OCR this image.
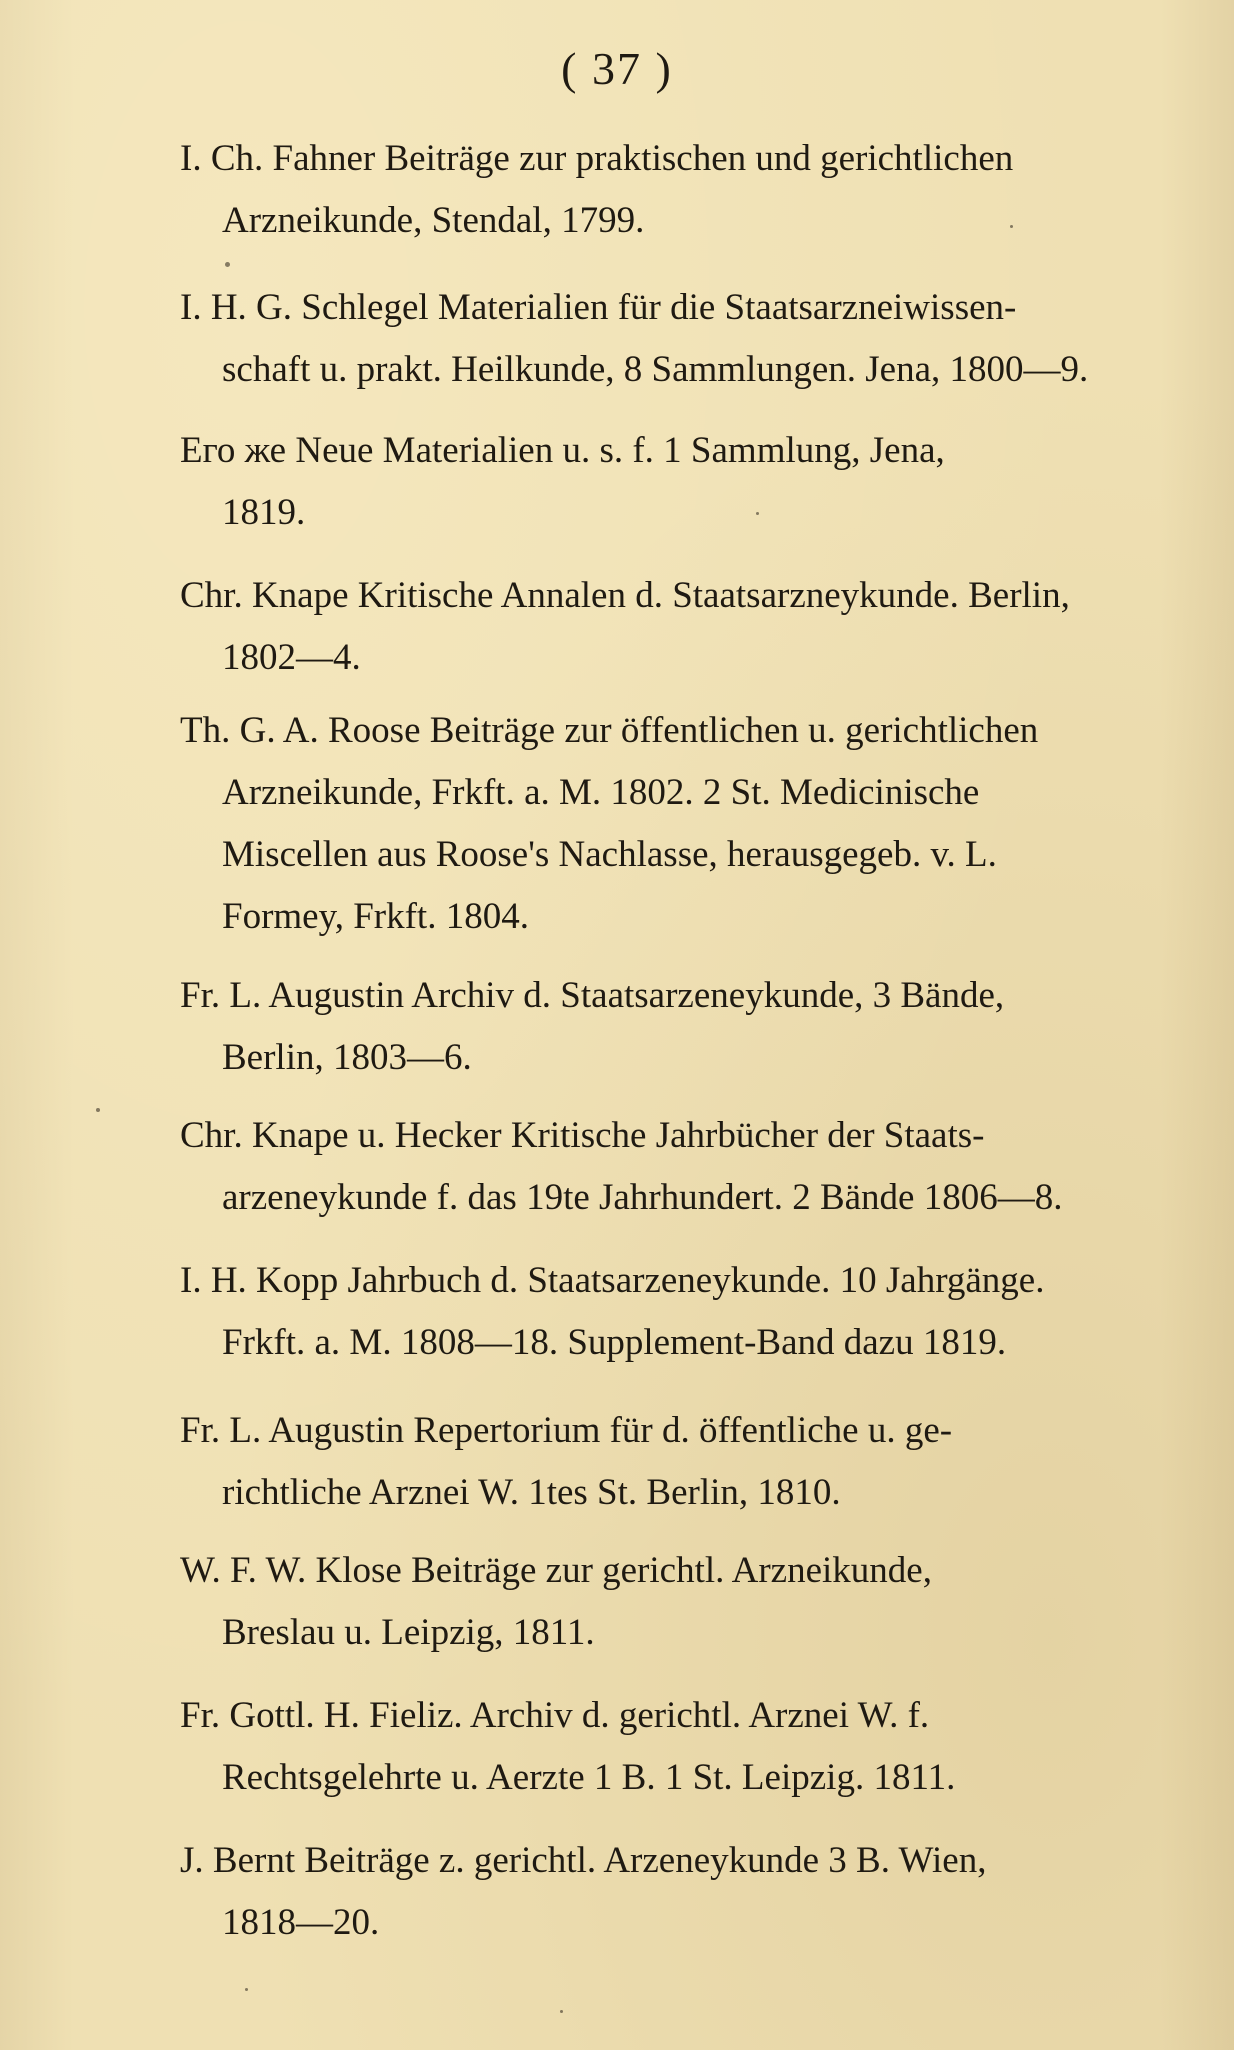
( 37 )
I. Ch. Fahner Beiträge zur praktischen und gerichtlichen
Arzneikunde, Stendal, 1799.
I. H. G. Schlegel Materialien für die Staatsarzneiwissen-
schaft u. prakt. Heilkunde, 8 Sammlungen. Jena, 1800—9.
Его же Neue Materialien u. s. f. 1 Sammlung, Jena,
1819.
Chr. Knape Kritische Annalen d. Staatsarzneykunde. Berlin,
1802—4.
Th. G. A. Roose Beiträge zur öffentlichen u. gerichtlichen
Arzneikunde, Frkft. a. M. 1802. 2 St. Medicinische
Miscellen aus Roose's Nachlasse, herausgegeb. v. L.
Formey, Frkft. 1804.
Fr. L. Augustin Archiv d. Staatsarzeneykunde, 3 Bände,
Berlin, 1803—6.
Chr. Knape u. Hecker Kritische Jahrbücher der Staats-
arzeneykunde f. das 19te Jahrhundert. 2 Bände 1806—8.
I. H. Kopp Jahrbuch d. Staatsarzeneykunde. 10 Jahrgänge.
Frkft. a. M. 1808—18. Supplement-Band dazu 1819.
Fr. L. Augustin Repertorium für d. öffentliche u. ge-
richtliche Arznei W. 1tes St. Berlin, 1810.
W. F. W. Klose Beiträge zur gerichtl. Arzneikunde,
Breslau u. Leipzig, 1811.
Fr. Gottl. H. Fieliz. Archiv d. gerichtl. Arznei W. f.
Rechtsgelehrte u. Aerzte 1 B. 1 St. Leipzig. 1811.
J. Bernt Beiträge z. gerichtl. Arzeneykunde 3 B. Wien,
1818—20.
